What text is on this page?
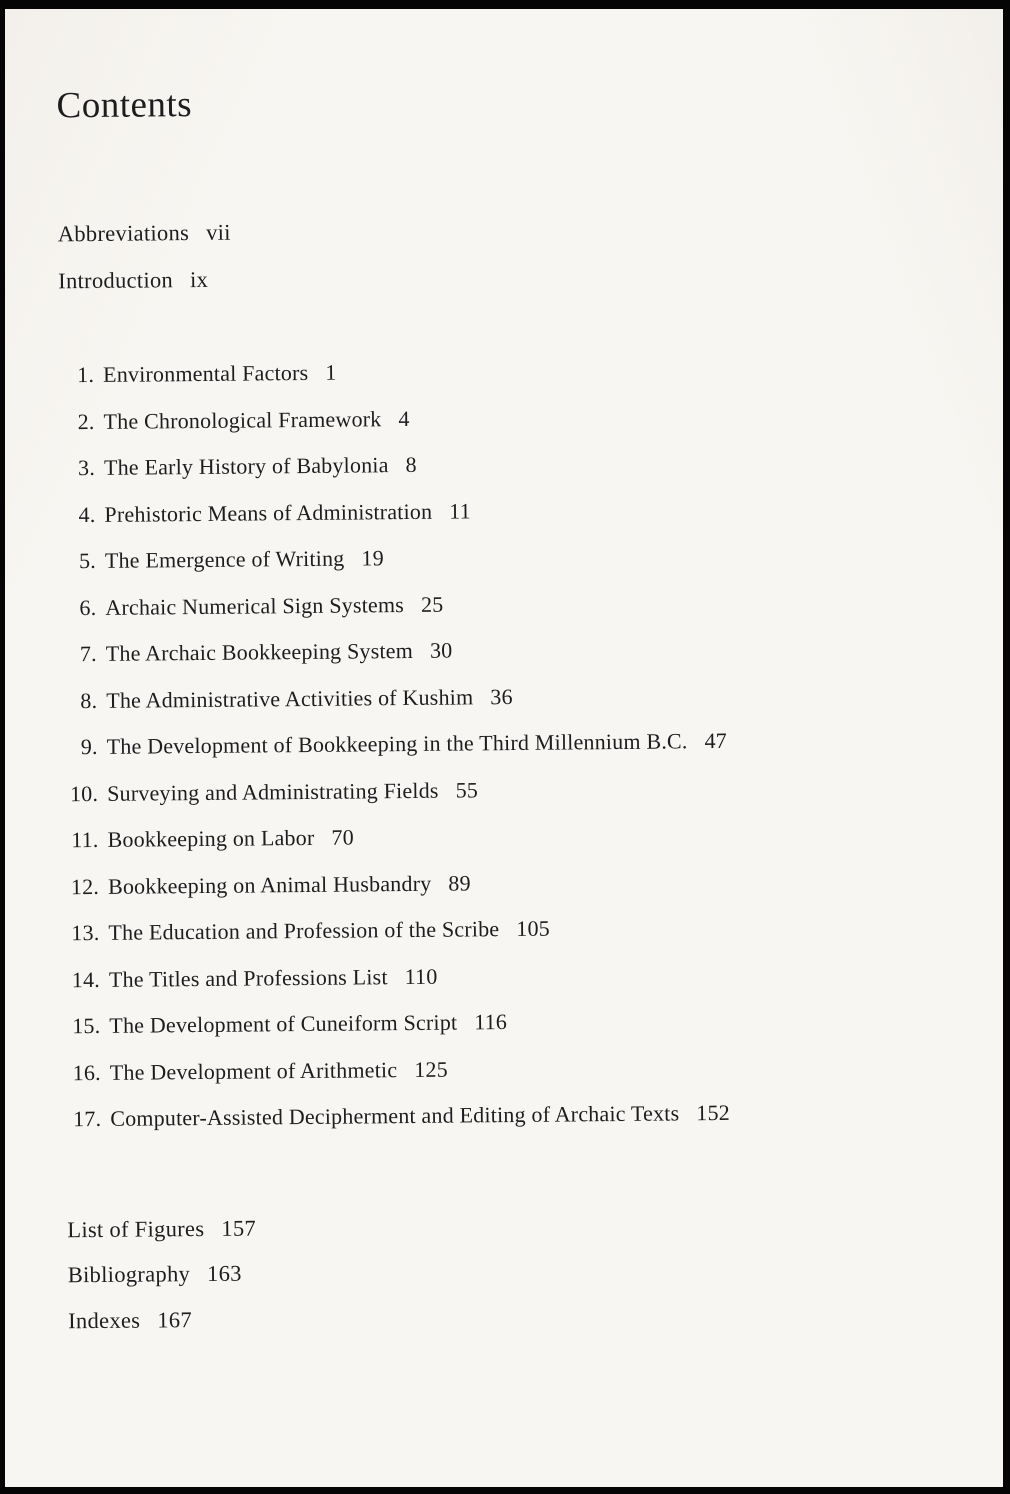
Contents
Abbreviations vii
Introduction ix
1. Environmental Factors 1
2. The Chronological Framework 4
3. The Early History of Babylonia 8
4. Prehistoric Means of Administration 11
5. The Emergence of Writing 19
6. Archaic Numerical Sign Systems 25
7. The Archaic Bookkeeping System 30
8. The Administrative Activities of Kushim 36
9. The Development of Bookkeeping in the Third Millennium B.C. 47
10. Surveying and Administrating Fields 55
11. Bookkeeping on Labor 70
12. Bookkeeping on Animal Husbandry 89
13. The Education and Profession of the Scribe 105
14. The Titles and Professions List 110
15. The Development of Cuneiform Script 116
16. The Development of Arithmetic 125
17. Computer-Assisted Decipherment and Editing of Archaic Texts 152
List of Figures 157
Bibliography 163
Indexes 167
